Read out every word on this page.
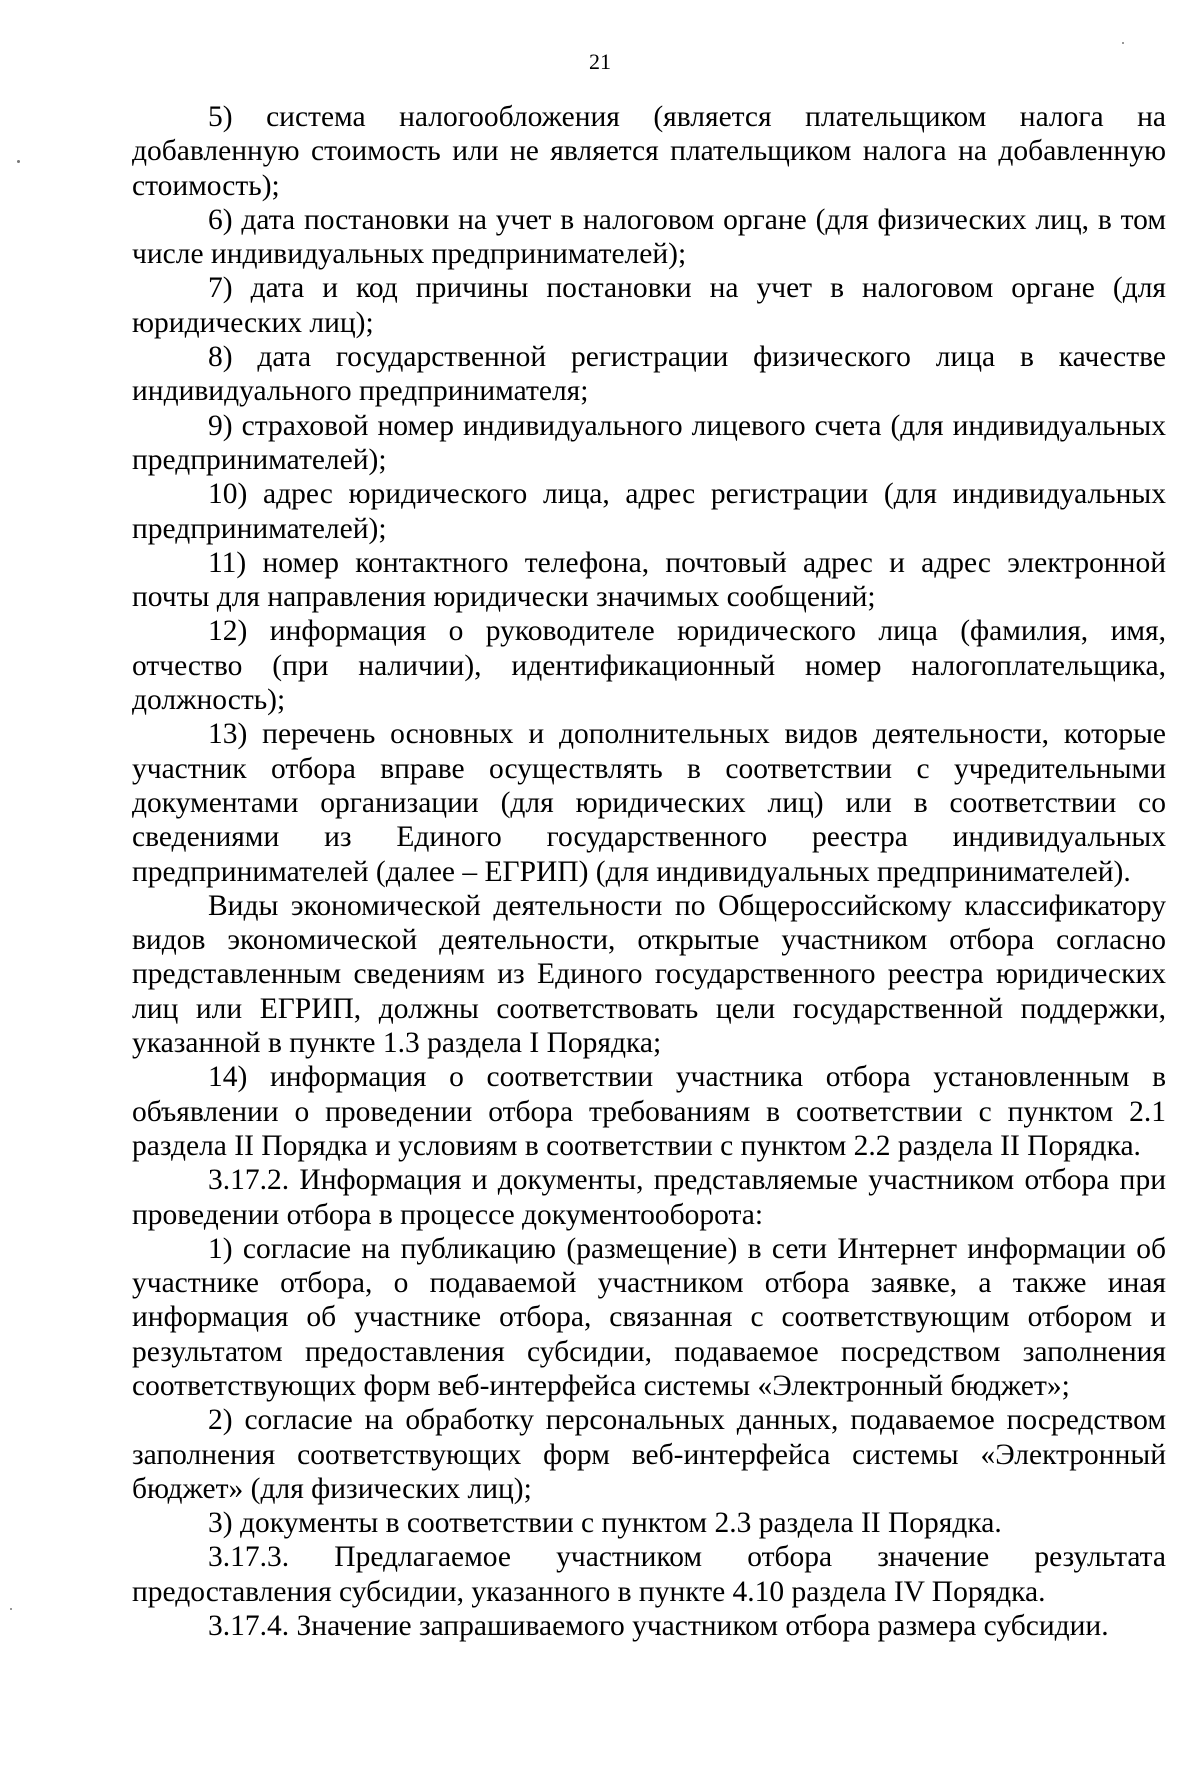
21

5) система налогообложения (является плательщиком налога на добавленную стоимость или не является плательщиком налога на добавленную стоимость);

6) дата постановки на учет в налоговом органе (для физических лиц, в том числе индивидуальных предпринимателей);

7) дата и код причины постановки на учет в налоговом органе (для юридических лиц);

8) дата государственной регистрации физического лица в качестве индивидуального предпринимателя;

9) страховой номер индивидуального лицевого счета (для индивидуальных предпринимателей);

10) адрес юридического лица, адрес регистрации (для индивидуальных предпринимателей);

11) номер контактного телефона, почтовый адрес и адрес электронной почты для направления юридически значимых сообщений;

12) информация о руководителе юридического лица (фамилия, имя, отчество (при наличии), идентификационный номер налогоплательщика, должность);

13) перечень основных и дополнительных видов деятельности, которые участник отбора вправе осуществлять в соответствии с учредительными документами организации (для юридических лиц) или в соответствии со сведениями из Единого государственного реестра индивидуальных предпринимателей (далее – ЕГРИП) (для индивидуальных предпринимателей).

Виды экономической деятельности по Общероссийскому классификатору видов экономической деятельности, открытые участником отбора согласно представленным сведениям из Единого государственного реестра юридических лиц или ЕГРИП, должны соответствовать цели государственной поддержки, указанной в пункте 1.3 раздела I Порядка;

14) информация о соответствии участника отбора установленным в объявлении о проведении отбора требованиям в соответствии с пунктом 2.1 раздела II Порядка и условиям в соответствии с пунктом 2.2 раздела II Порядка.

3.17.2. Информация и документы, представляемые участником отбора при проведении отбора в процессе документооборота:

1) согласие на публикацию (размещение) в сети Интернет информации об участнике отбора, о подаваемой участником отбора заявке, а также иная информация об участнике отбора, связанная с соответствующим отбором и результатом предоставления субсидии, подаваемое посредством заполнения соответствующих форм веб-интерфейса системы «Электронный бюджет»;

2) согласие на обработку персональных данных, подаваемое посредством заполнения соответствующих форм веб-интерфейса системы «Электронный бюджет» (для физических лиц);

3) документы в соответствии с пунктом 2.3 раздела II Порядка.

3.17.3. Предлагаемое участником отбора значение результата предоставления субсидии, указанного в пункте 4.10 раздела IV Порядка.

3.17.4. Значение запрашиваемого участником отбора размера субсидии.
